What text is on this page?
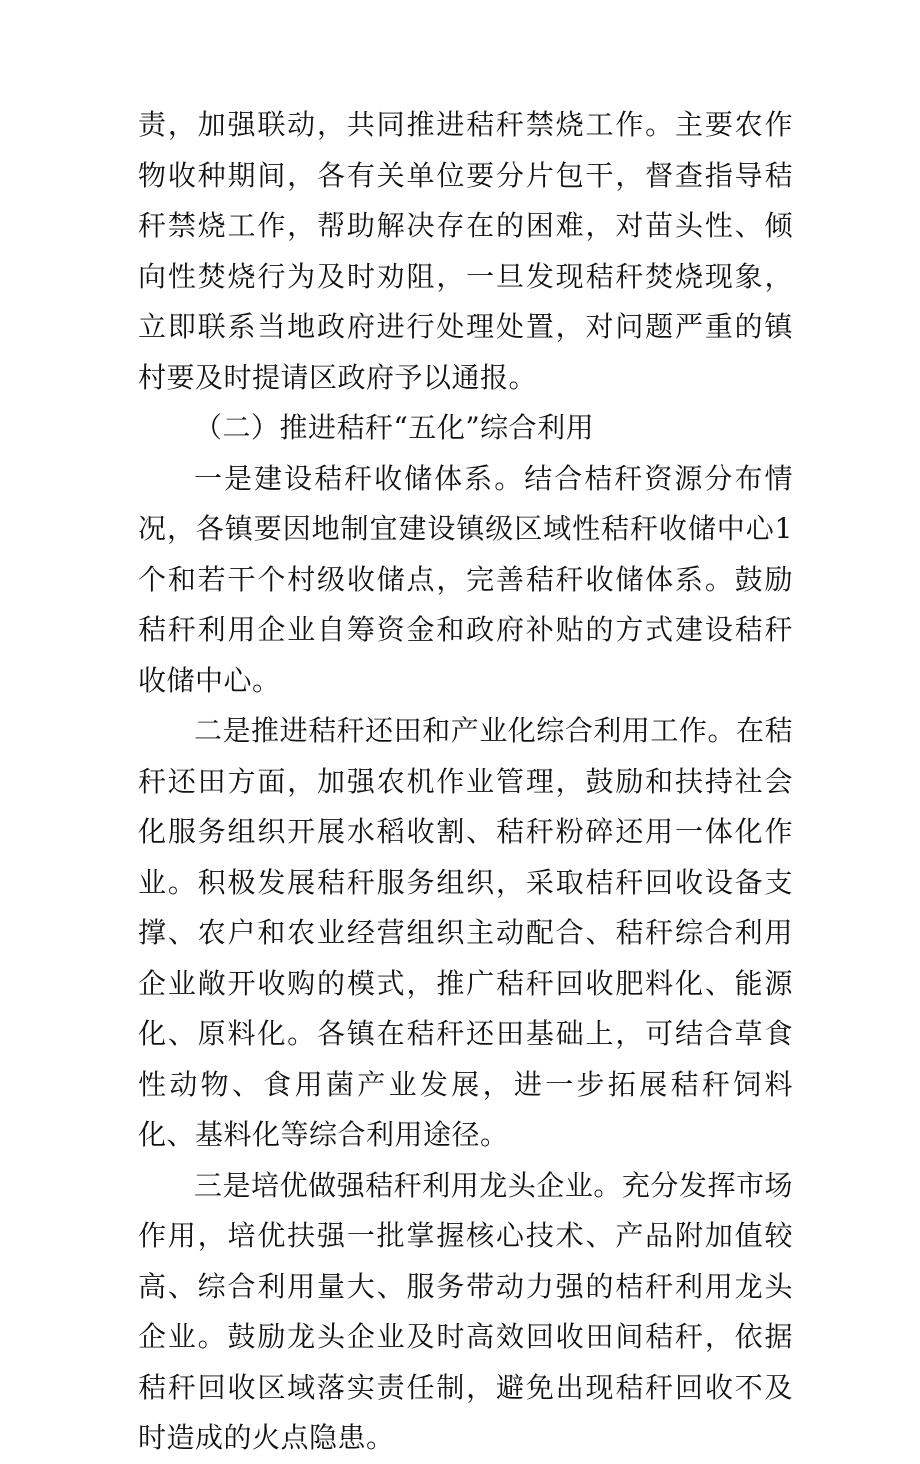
责，加强联动，共同推进秸秆禁烧工作。主要农作物收种期间，各有关单位要分片包干，督查指导秸秆禁烧工作，帮助解决存在的困难，对苗头性、倾向性焚烧行为及时劝阻，一旦发现秸秆焚烧现象，立即联系当地政府进行处理处置，对问题严重的镇村要及时提请区政府予以通报。

（二）推进秸秆“五化”综合利用

一是建设秸秆收储体系。结合桔秆资源分布情况，各镇要因地制宜建设镇级区域性秸秆收储中心1个和若干个村级收储点，完善秸秆收储体系。鼓励秸秆利用企业自筹资金和政府补贴的方式建设秸秆收储中心。

二是推进秸秆还田和产业化综合利用工作。在秸秆还田方面，加强农机作业管理，鼓励和扶持社会化服务组织开展水稻收割、秸秆粉碎还用一体化作业。积极发展秸秆服务组织，采取桔秆回收设备支撑、农户和农业经营组织主动配合、秸秆综合利用企业敞开收购的模式，推广秸秆回收肥料化、能源化、原料化。各镇在秸秆还田基础上，可结合草食性动物、食用菌产业发展，进一步拓展秸秆饲料化、基料化等综合利用途径。

三是培优做强秸秆利用龙头企业。充分发挥市场作用，培优扶强一批掌握核心技术、产品附加值较高、综合利用量大、服务带动力强的桔秆利用龙头企业。鼓励龙头企业及时高效回收田间秸秆，依据秸秆回收区域落实责任制，避免出现秸秆回收不及时造成的火点隐患。
